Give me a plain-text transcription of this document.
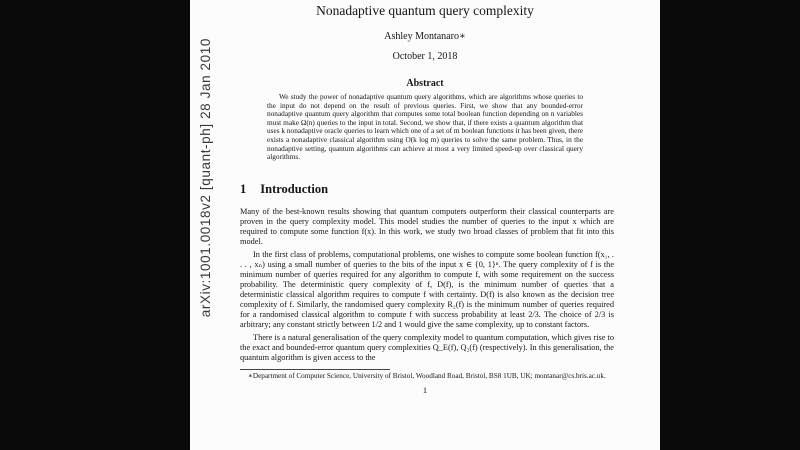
arXiv:1001.0018v2 [quant-ph] 28 Jan 2010
Nonadaptive quantum query complexity
Ashley Montanaro∗
October 1, 2018
Abstract

We study the power of nonadaptive quantum query algorithms, which are algorithms whose queries to the input do not depend on the result of previous queries. First, we show that any bounded-error nonadaptive quantum query algorithm that computes some total boolean function depending on n variables must make Ω(n) queries to the input in total. Second, we show that, if there exists a quantum algorithm that uses k nonadaptive oracle queries to learn which one of a set of m boolean functions it has been given, there exists a nonadaptive classical algorithm using O(k log m) queries to solve the same problem. Thus, in the nonadaptive setting, quantum algorithms can achieve at most a very limited speed-up over classical query algorithms.

1 Introduction

Many of the best-known results showing that quantum computers outperform their classical counterparts are proven in the query complexity model. This model studies the number of queries to the input x which are required to compute some function f(x). In this work, we study two broad classes of problem that fit into this model.

In the first class of problems, computational problems, one wishes to compute some boolean function f(x₁, . . . , xₙ) using a small number of queries to the bits of the input x ∈ {0, 1}ⁿ. The query complexity of f is the minimum number of queries required for any algorithm to compute f, with some requirement on the success probability. The deterministic query complexity of f, D(f), is the minimum number of queries that a deterministic classical algorithm requires to compute f with certainty. D(f) is also known as the decision tree complexity of f. Similarly, the randomised query complexity R₂(f) is the minimum number of queries required for a randomised classical algorithm to compute f with success probability at least 2/3. The choice of 2/3 is arbitrary; any constant strictly between 1/2 and 1 would give the same complexity, up to constant factors.

There is a natural generalisation of the query complexity model to quantum computation, which gives rise to the exact and bounded-error quantum query complexities Q_E(f), Q₂(f) (respectively). In this generalisation, the quantum algorithm is given access to the

∗Department of Computer Science, University of Bristol, Woodland Road, Bristol, BS8 1UB, UK; montanar@cs.bris.ac.uk.

1
